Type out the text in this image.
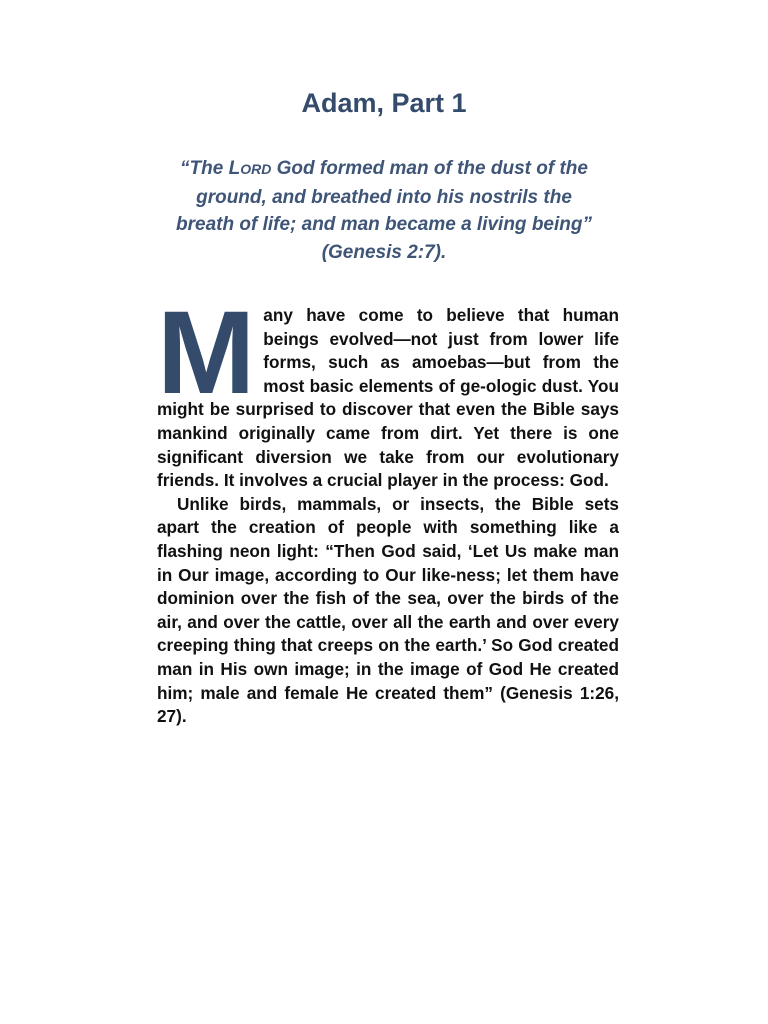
Adam, Part 1

“The LORD God formed man of the dust of the ground, and breathed into his nostrils the breath of life; and man became a living being” (Genesis 2:7).

Many have come to believe that human beings evolved—not just from lower life forms, such as amoebas—but from the most basic elements of ge-ologic dust. You might be surprised to discover that even the Bible says mankind originally came from dirt. Yet there is one significant diversion we take from our evolutionary friends. It involves a crucial player in the process: God.

Unlike birds, mammals, or insects, the Bible sets apart the creation of people with something like a flashing neon light: “Then God said, ‘Let Us make man in Our image, according to Our like-ness; let them have dominion over the fish of the sea, over the birds of the air, and over the cattle, over all the earth and over every creeping thing that creeps on the earth.’ So God created man in His own image; in the image of God He created him; male and female He created them” (Genesis 1:26, 27).
